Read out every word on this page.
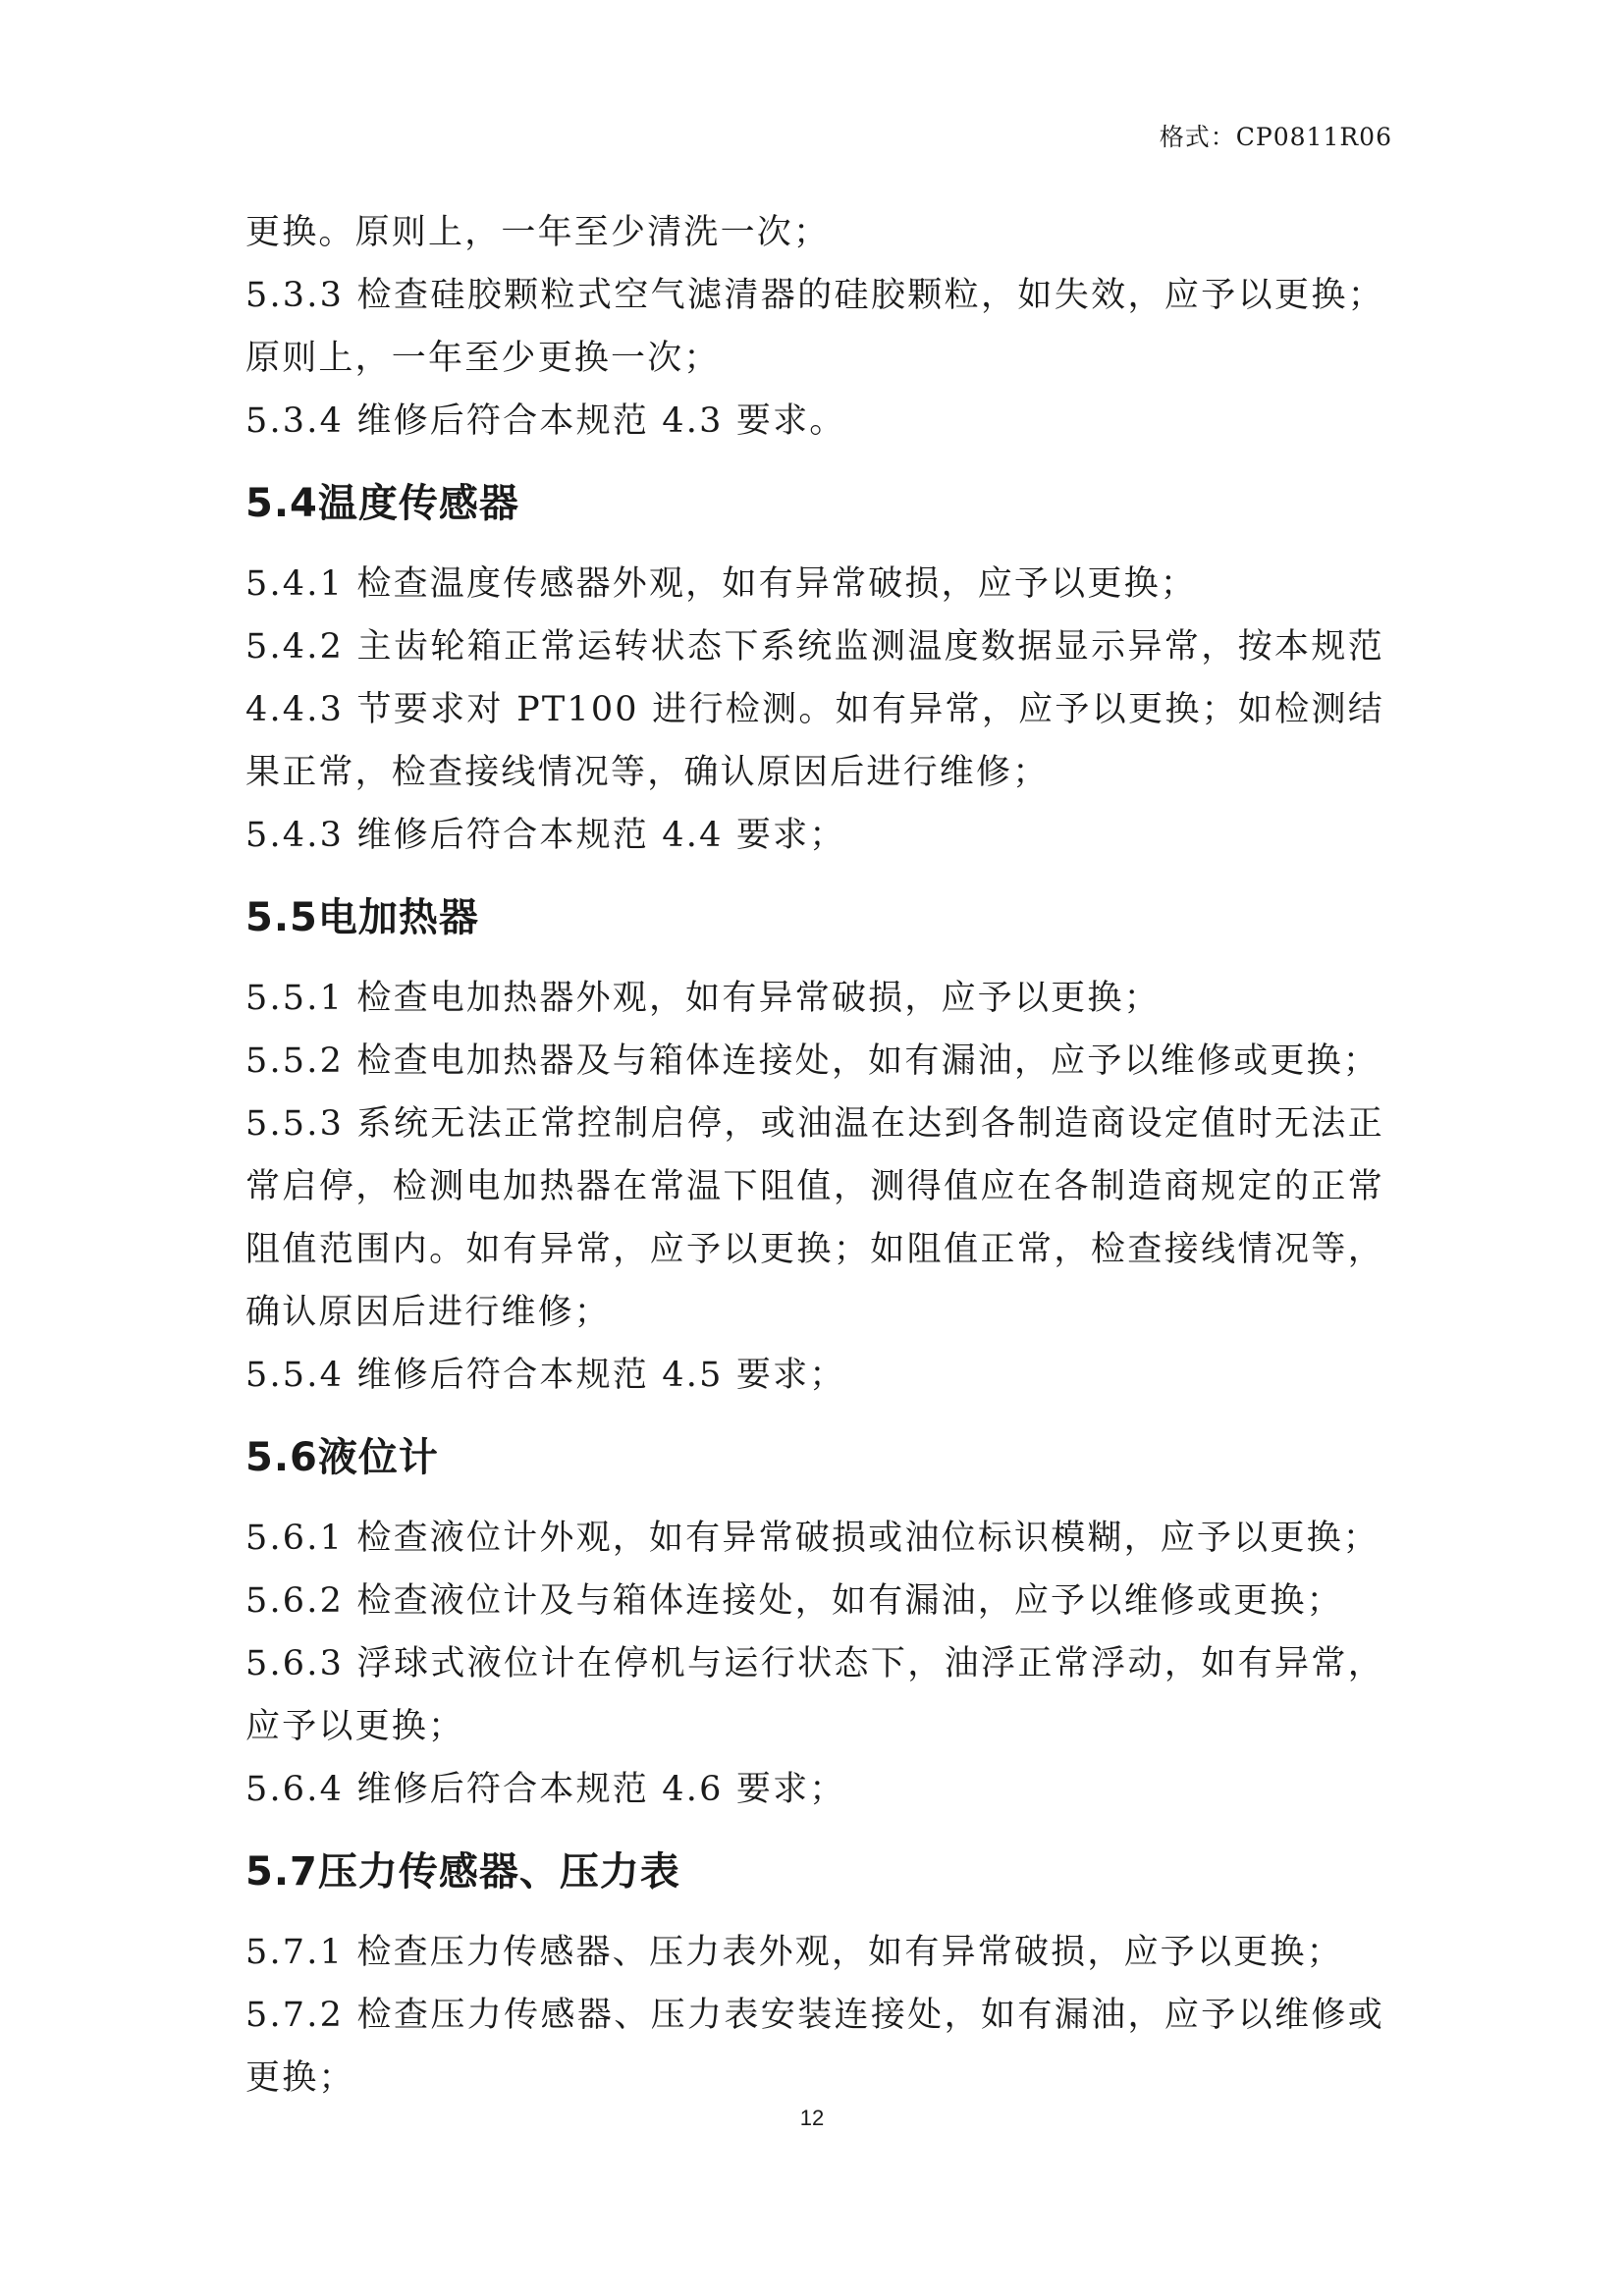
格式：CP0811R06

更换。原则上，一年至少清洗一次；

5.3.3 检查硅胶颗粒式空气滤清器的硅胶颗粒，如失效，应予以更换；原则上，一年至少更换一次；

5.3.4 维修后符合本规范 4.3 要求。

5.4温度传感器

5.4.1 检查温度传感器外观，如有异常破损，应予以更换；

5.4.2 主齿轮箱正常运转状态下系统监测温度数据显示异常，按本规范 4.4.3 节要求对 PT100 进行检测。如有异常，应予以更换；如检测结果正常，检查接线情况等，确认原因后进行维修；

5.4.3 维修后符合本规范 4.4 要求；

5.5电加热器

5.5.1 检查电加热器外观，如有异常破损，应予以更换；

5.5.2 检查电加热器及与箱体连接处，如有漏油，应予以维修或更换；

5.5.3 系统无法正常控制启停，或油温在达到各制造商设定值时无法正常启停，检测电加热器在常温下阻值，测得值应在各制造商规定的正常阻值范围内。如有异常，应予以更换；如阻值正常，检查接线情况等，确认原因后进行维修；

5.5.4 维修后符合本规范 4.5 要求；

5.6液位计

5.6.1 检查液位计外观，如有异常破损或油位标识模糊，应予以更换；

5.6.2 检查液位计及与箱体连接处，如有漏油，应予以维修或更换；

5.6.3 浮球式液位计在停机与运行状态下，油浮正常浮动，如有异常，应予以更换；

5.6.4 维修后符合本规范 4.6 要求；

5.7压力传感器、压力表

5.7.1 检查压力传感器、压力表外观，如有异常破损，应予以更换；

5.7.2 检查压力传感器、压力表安装连接处，如有漏油，应予以维修或更换；

12
